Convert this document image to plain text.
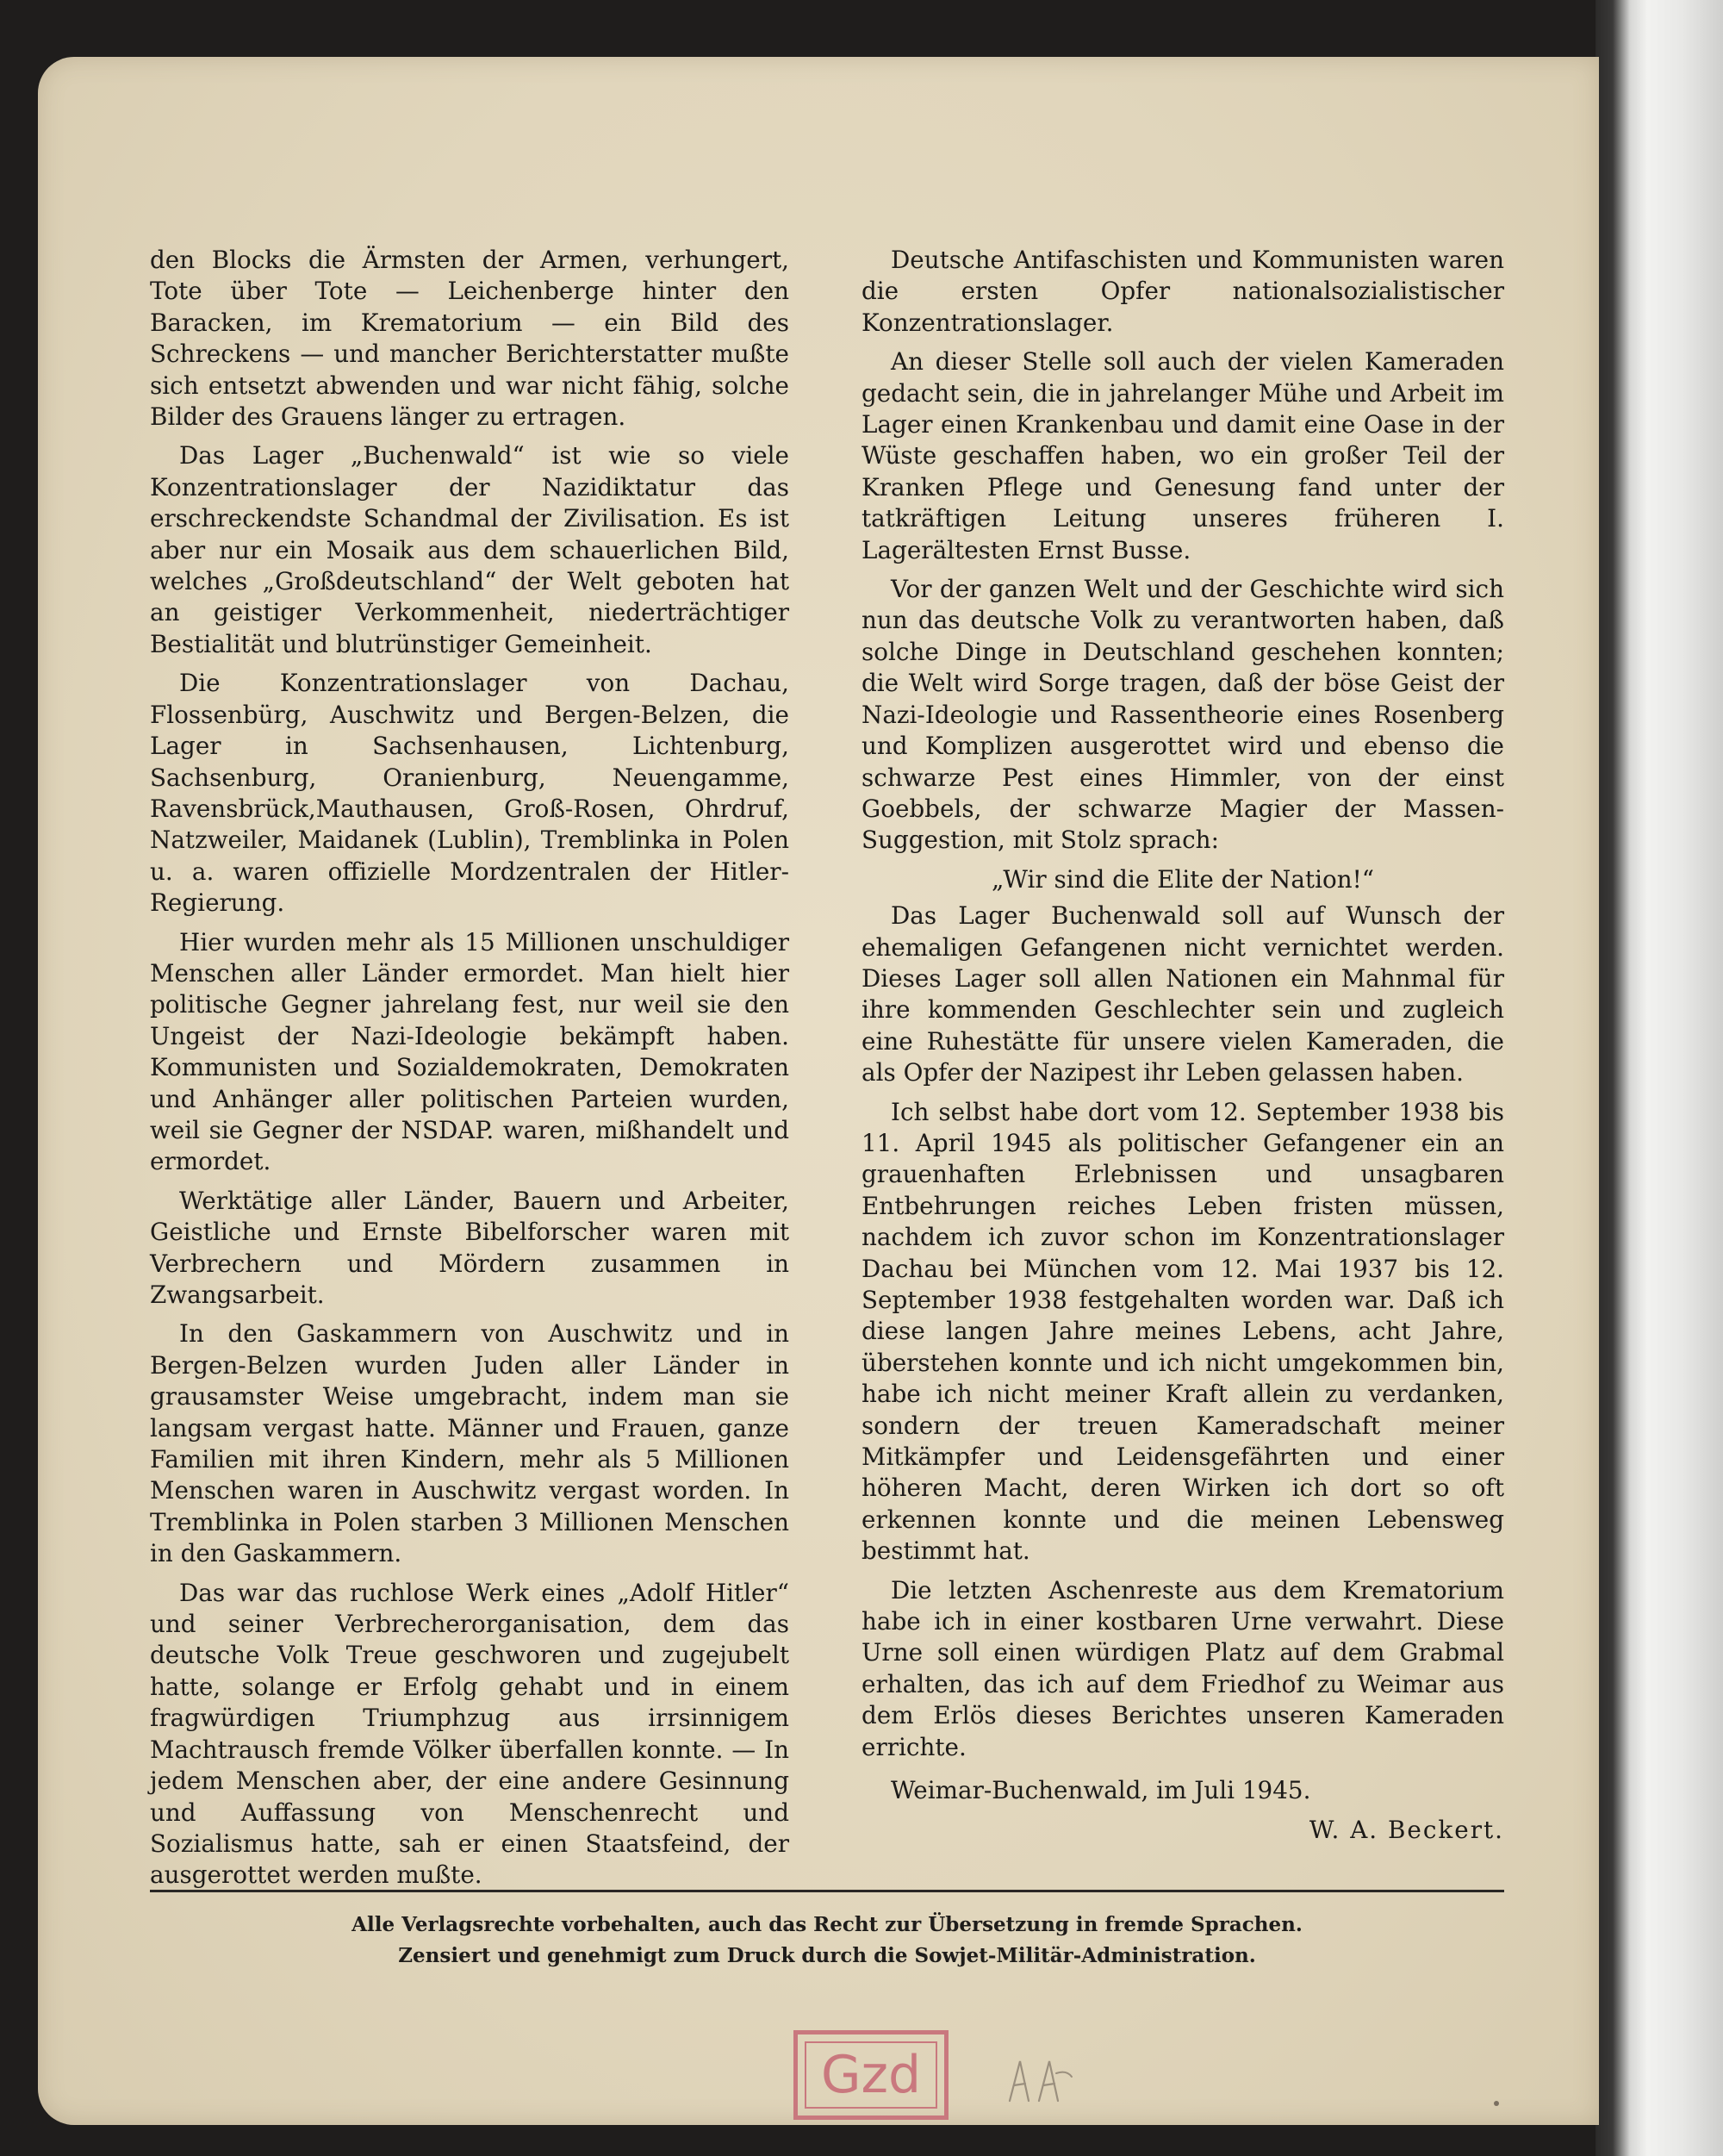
den Blocks die Ärmsten der Armen, verhungert, Tote über Tote — Leichenberge hinter den Baracken, im Krematorium — ein Bild des Schreckens — und mancher Berichterstatter mußte sich entsetzt abwenden und war nicht fähig, solche Bilder des Grauens länger zu ertragen.

Das Lager „Buchenwald“ ist wie so viele Konzentrationslager der Nazidiktatur das erschreckendste Schandmal der Zivilisation. Es ist aber nur ein Mosaik aus dem schauerlichen Bild, welches „Großdeutschland“ der Welt geboten hat an geistiger Verkommenheit, niederträchtiger Bestialität und blutrünstiger Gemeinheit.

Die Konzentrationslager von Dachau, Flossenbürg, Auschwitz und Bergen-Belzen, die Lager in Sachsenhausen, Lichtenburg, Sachsenburg, Oranienburg, Neuengamme, Ravensbrück,Mauthausen, Groß-Rosen, Ohrdruf, Natzweiler, Maidanek (Lublin), Tremblinka in Polen u. a. waren offizielle Mordzentralen der Hitler-Regierung.

Hier wurden mehr als 15 Millionen unschuldiger Menschen aller Länder ermordet. Man hielt hier politische Gegner jahrelang fest, nur weil sie den Ungeist der Nazi-Ideologie bekämpft haben. Kommunisten und Sozialdemokraten, Demokraten und Anhänger aller politischen Parteien wurden, weil sie Gegner der NSDAP. waren, mißhandelt und ermordet.

Werktätige aller Länder, Bauern und Arbeiter, Geistliche und Ernste Bibelforscher waren mit Verbrechern und Mördern zusammen in Zwangsarbeit.

In den Gaskammern von Auschwitz und in Bergen-Belzen wurden Juden aller Länder in grausamster Weise umgebracht, indem man sie langsam vergast hatte. Männer und Frauen, ganze Familien mit ihren Kindern, mehr als 5 Millionen Menschen waren in Auschwitz vergast worden. In Tremblinka in Polen starben 3 Millionen Menschen in den Gaskammern.

Das war das ruchlose Werk eines „Adolf Hitler“ und seiner Verbrecherorganisation, dem das deutsche Volk Treue geschworen und zugejubelt hatte, solange er Erfolg gehabt und in einem fragwürdigen Triumphzug aus irrsinnigem Machtrausch fremde Völker überfallen konnte. — In jedem Menschen aber, der eine andere Gesinnung und Auffassung von Menschenrecht und Sozialismus hatte, sah er einen Staatsfeind, der ausgerottet werden mußte.

Deutsche Antifaschisten und Kommunisten waren die ersten Opfer nationalsozialistischer Konzentrationslager.

An dieser Stelle soll auch der vielen Kameraden gedacht sein, die in jahrelanger Mühe und Arbeit im Lager einen Krankenbau und damit eine Oase in der Wüste geschaffen haben, wo ein großer Teil der Kranken Pflege und Genesung fand unter der tatkräftigen Leitung unseres früheren I. Lagerältesten Ernst Busse.

Vor der ganzen Welt und der Geschichte wird sich nun das deutsche Volk zu verantworten haben, daß solche Dinge in Deutschland geschehen konnten; die Welt wird Sorge tragen, daß der böse Geist der Nazi-Ideologie und Rassentheorie eines Rosenberg und Komplizen ausgerottet wird und ebenso die schwarze Pest eines Himmler, von der einst Goebbels, der schwarze Magier der Massen-Suggestion, mit Stolz sprach:

„Wir sind die Elite der Nation!“

Das Lager Buchenwald soll auf Wunsch der ehemaligen Gefangenen nicht vernichtet werden. Dieses Lager soll allen Nationen ein Mahnmal für ihre kommenden Geschlechter sein und zugleich eine Ruhestätte für unsere vielen Kameraden, die als Opfer der Nazipest ihr Leben gelassen haben.

Ich selbst habe dort vom 12. September 1938 bis 11. April 1945 als politischer Gefangener ein an grauenhaften Erlebnissen und unsagbaren Entbehrungen reiches Leben fristen müssen, nachdem ich zuvor schon im Konzentrationslager Dachau bei München vom 12. Mai 1937 bis 12. September 1938 festgehalten worden war. Daß ich diese langen Jahre meines Lebens, acht Jahre, überstehen konnte und ich nicht umgekommen bin, habe ich nicht meiner Kraft allein zu verdanken, sondern der treuen Kameradschaft meiner Mitkämpfer und Leidensgefährten und einer höheren Macht, deren Wirken ich dort so oft erkennen konnte und die meinen Lebensweg bestimmt hat.

Die letzten Aschenreste aus dem Krematorium habe ich in einer kostbaren Urne verwahrt. Diese Urne soll einen würdigen Platz auf dem Grabmal erhalten, das ich auf dem Friedhof zu Weimar aus dem Erlös dieses Berichtes unseren Kameraden errichte.

Weimar-Buchenwald, im Juli 1945.

W. A. Beckert.

Alle Verlagsrechte vorbehalten, auch das Recht zur Übersetzung in fremde Sprachen.
Zensiert und genehmigt zum Druck durch die Sowjet-Militär-Administration.
Gzd
